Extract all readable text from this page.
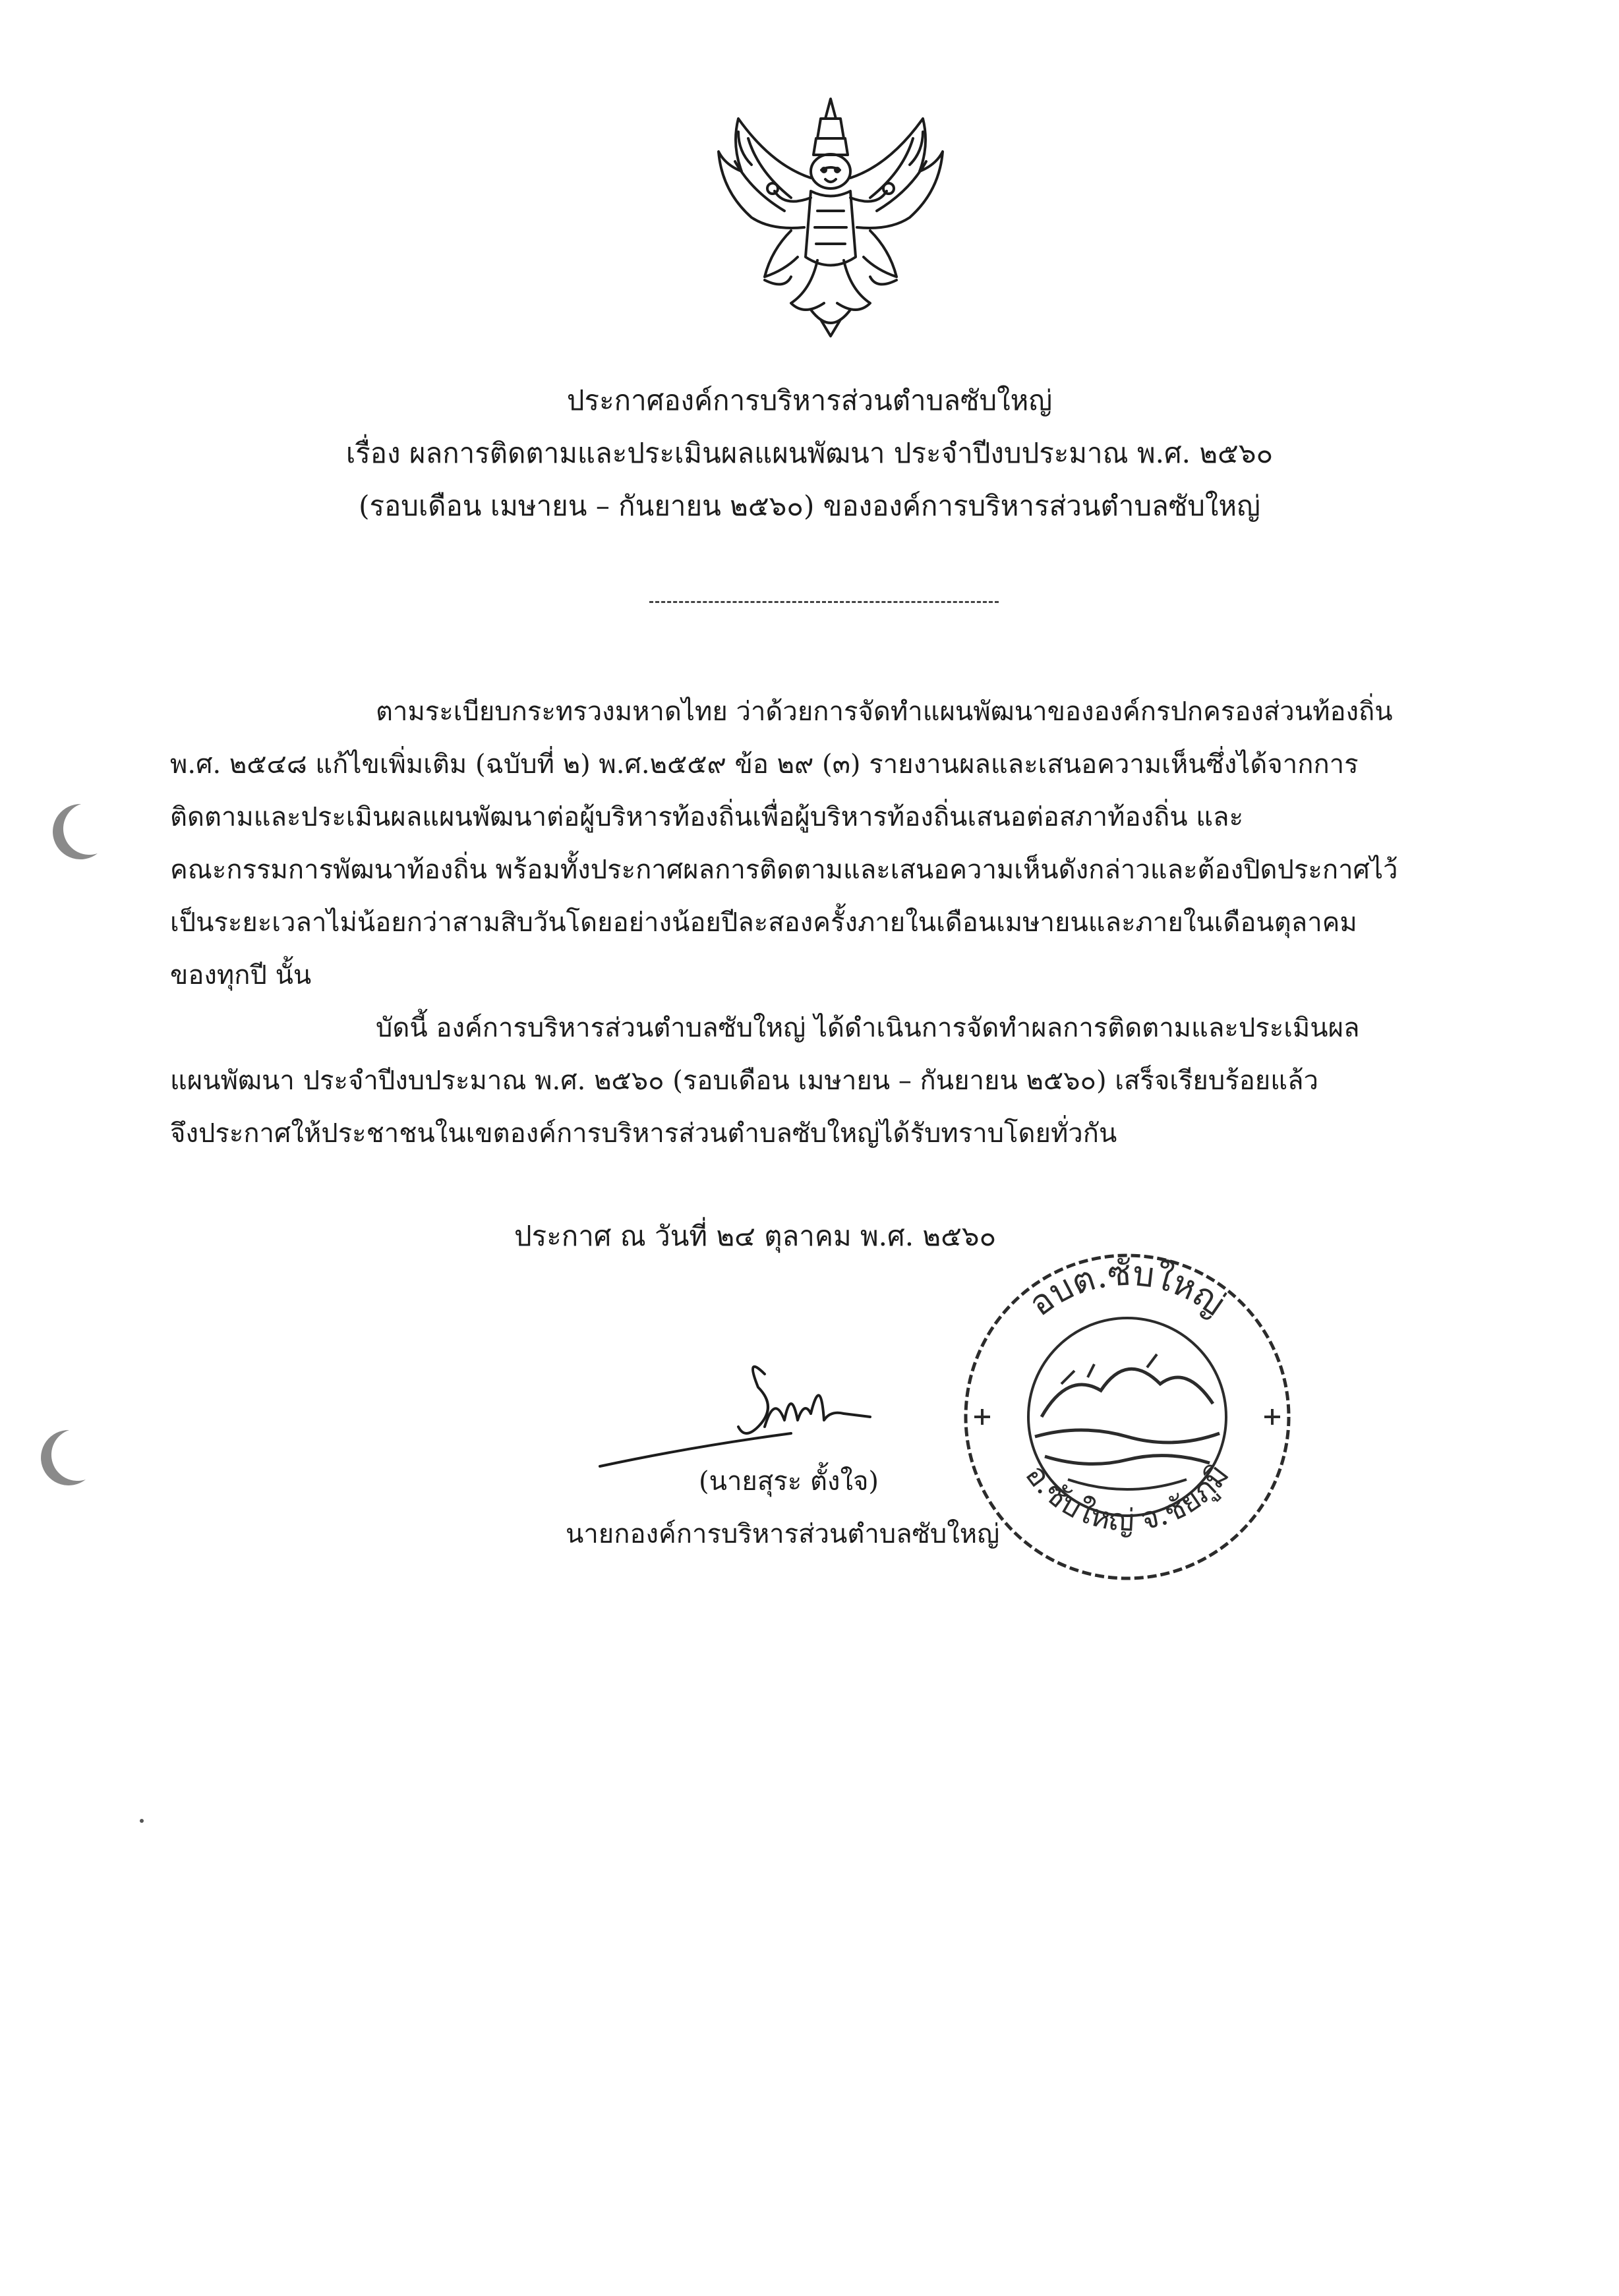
ประกาศองค์การบริหารส่วนตำบลซับใหญ่
เรื่อง ผลการติดตามและประเมินผลแผนพัฒนา ประจำปีงบประมาณ พ.ศ. ๒๕๖๐
(รอบเดือน เมษายน – กันยายน ๒๕๖๐) ขององค์การบริหารส่วนตำบลซับใหญ่
ตามระเบียบกระทรวงมหาดไทย ว่าด้วยการจัดทำแผนพัฒนาขององค์กรปกครองส่วนท้องถิ่น
พ.ศ. ๒๕๔๘ แก้ไขเพิ่มเติม (ฉบับที่ ๒) พ.ศ.๒๕๕๙ ข้อ ๒๙ (๓) รายงานผลและเสนอความเห็นซึ่งได้จากการ
ติดตามและประเมินผลแผนพัฒนาต่อผู้บริหารท้องถิ่นเพื่อผู้บริหารท้องถิ่นเสนอต่อสภาท้องถิ่น และ
คณะกรรมการพัฒนาท้องถิ่น พร้อมทั้งประกาศผลการติดตามและเสนอความเห็นดังกล่าวและต้องปิดประกาศไว้
เป็นระยะเวลาไม่น้อยกว่าสามสิบวันโดยอย่างน้อยปีละสองครั้งภายในเดือนเมษายนและภายในเดือนตุลาคม
ของทุกปี นั้น
บัดนี้ องค์การบริหารส่วนตำบลซับใหญ่ ได้ดำเนินการจัดทำผลการติดตามและประเมินผล
แผนพัฒนา ประจำปีงบประมาณ พ.ศ. ๒๕๖๐ (รอบเดือน เมษายน – กันยายน ๒๕๖๐) เสร็จเรียบร้อยแล้ว
จึงประกาศให้ประชาชนในเขตองค์การบริหารส่วนตำบลซับใหญ่ได้รับทราบโดยทั่วกัน
ประกาศ ณ วันที่ ๒๔ ตุลาคม พ.ศ. ๒๕๖๐
(นายสุระ ตั้งใจ)
นายกองค์การบริหารส่วนตำบลซับใหญ่
อบต.ซับใหญ่
อ.ซับใหญ่ จ.ชัยภูมิ
